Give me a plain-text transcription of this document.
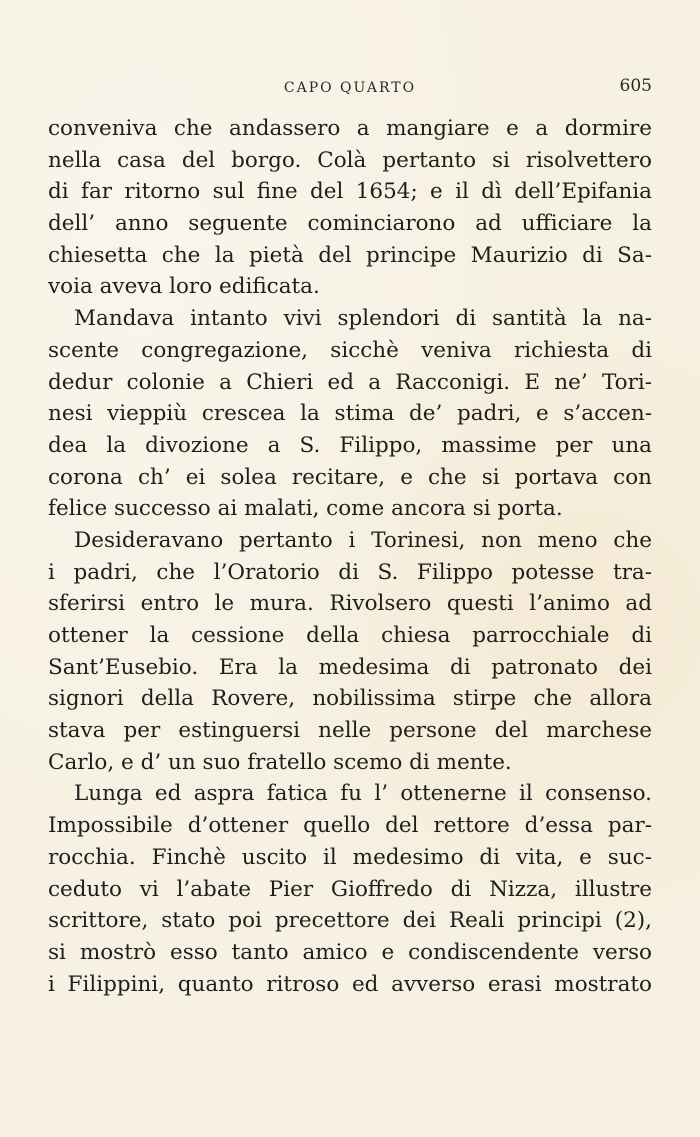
CAPO QUARTO	605
conveniva che andassero a mangiare e a dormire
nella casa del borgo. Colà pertanto si risolvettero
di far ritorno sul fine del 1654; e il dì dell’Epifania
dell’ anno seguente cominciarono ad ufficiare la
chiesetta che la pietà del principe Maurizio di Sa-
voia aveva loro edificata.
Mandava intanto vivi splendori di santità la na-
scente congregazione, sicchè veniva richiesta di
dedur colonie a Chieri ed a Racconigi. E ne’ Tori-
nesi vieppiù crescea la stima de’ padri, e s’accen-
dea la divozione a S. Filippo, massime per una
corona ch’ ei solea recitare, e che si portava con
felice successo ai malati, come ancora si porta.
Desideravano pertanto i Torinesi, non meno che
i padri, che l’Oratorio di S. Filippo potesse tra-
sferirsi entro le mura. Rivolsero questi l’animo ad
ottener la cessione della chiesa parrocchiale di
Sant’Eusebio. Era la medesima di patronato dei
signori della Rovere, nobilissima stirpe che allora
stava per estinguersi nelle persone del marchese
Carlo, e d’ un suo fratello scemo di mente.
Lunga ed aspra fatica fu l’ ottenerne il consenso.
Impossibile d’ottener quello del rettore d’essa par-
rocchia. Finchè uscito il medesimo di vita, e suc-
ceduto vi l’abate Pier Gioffredo di Nizza, illustre
scrittore, stato poi precettore dei Reali principi (2),
si mostrò esso tanto amico e condiscendente verso
i Filippini, quanto ritroso ed avverso erasi mostrato
